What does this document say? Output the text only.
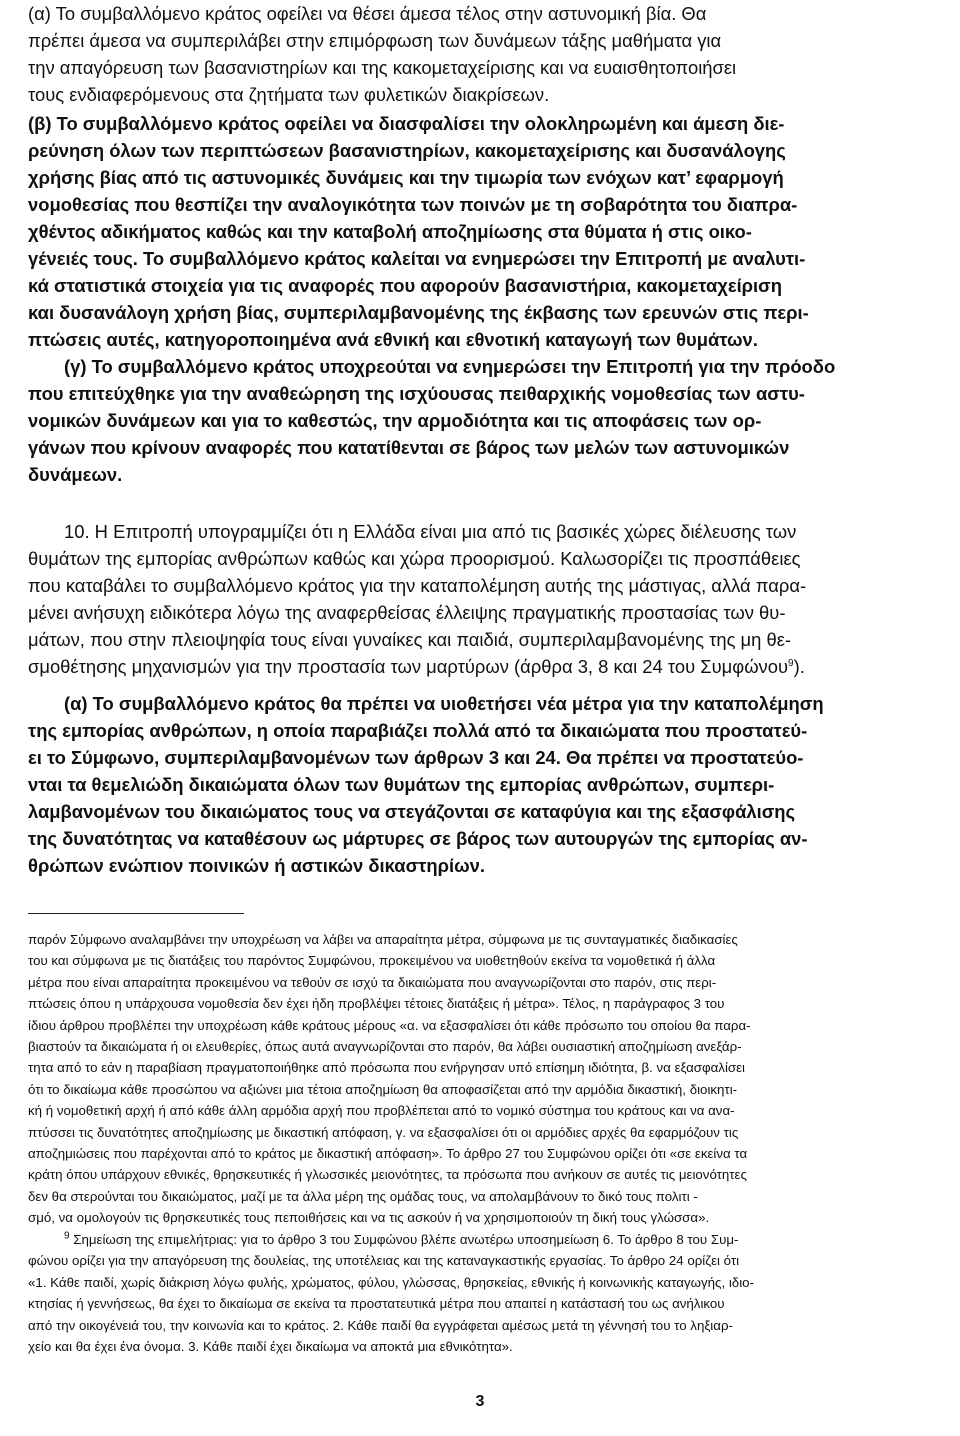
(α) Το συμβαλλόμενο κράτος οφείλει να θέσει άμεσα τέλος στην αστυνομική βία. Θα
πρέπει άμεσα να συμπεριλάβει στην επιμόρφωση των δυνάμεων τάξης μαθήματα για
την απαγόρευση των βασανιστηρίων και της κακομεταχείρισης και να ευαισθητοποιήσει
τους ενδιαφερόμενους στα ζητήματα των φυλετικών διακρίσεων.
(β) Το συμβαλλόμενο κράτος οφείλει να διασφαλίσει την ολοκληρωμένη και άμεση διε-
ρεύνηση όλων των περιπτώσεων βασανιστηρίων, κακομεταχείρισης και δυσανάλογης
χρήσης βίας από τις αστυνομικές δυνάμεις και την τιμωρία των ενόχων κατ’ εφαρμογή
νομοθεσίας που θεσπίζει την αναλογικότητα των ποινών με τη σοβαρότητα του διαπρα-
χθέντος αδικήματος καθώς και την καταβολή αποζημίωσης στα θύματα ή στις οικο-
γένειές τους. Το συμβαλλόμενο κράτος καλείται να ενημερώσει την Επιτροπή με αναλυτι-
κά στατιστικά στοιχεία για τις αναφορές που αφορούν βασανιστήρια, κακομεταχείριση
και δυσανάλογη χρήση βίας, συμπεριλαμβανομένης της έκβασης των ερευνών στις περι-
πτώσεις αυτές, κατηγοροποιημένα ανά εθνική και εθνοτική καταγωγή των θυμάτων.
(γ) Το συμβαλλόμενο κράτος υποχρεούται να ενημερώσει την Επιτροπή για την πρόοδο
που επιτεύχθηκε για την αναθεώρηση της ισχύουσας πειθαρχικής νομοθεσίας των αστυ-
νομικών δυνάμεων και για το καθεστώς, την αρμοδιότητα και τις αποφάσεις των ορ-
γάνων που κρίνουν αναφορές που κατατίθενται σε βάρος των μελών των αστυνομικών
δυνάμεων.
10. Η Επιτροπή υπογραμμίζει ότι η Ελλάδα είναι μια από τις βασικές χώρες διέλευσης των
θυμάτων της εμπορίας ανθρώπων καθώς και χώρα προορισμού. Καλωσορίζει τις προσπάθειες
που καταβάλει το συμβαλλόμενο κράτος για την καταπολέμηση αυτής της μάστιγας, αλλά παρα-
μένει ανήσυχη ειδικότερα λόγω της αναφερθείσας έλλειψης πραγματικής προστασίας των θυ-
μάτων, που στην πλειοψηφία τους είναι γυναίκες και παιδιά, συμπεριλαμβανομένης της μη θε-
σμοθέτησης μηχανισμών για την προστασία των μαρτύρων (άρθρα 3, 8 και 24 του Συμφώνου$^9$).
(α) Το συμβαλλόμενο κράτος θα πρέπει να υιοθετήσει νέα μέτρα για την καταπολέμηση
της εμπορίας ανθρώπων, η οποία παραβιάζει πολλά από τα δικαιώματα που προστατεύ-
ει το Σύμφωνο, συμπεριλαμβανομένων των άρθρων 3 και 24. Θα πρέπει να προστατεύο-
νται τα θεμελιώδη δικαιώματα όλων των θυμάτων της εμπορίας ανθρώπων, συμπερι-
λαμβανομένων του δικαιώματος τους να στεγάζονται σε καταφύγια και της εξασφάλισης
της δυνατότητας να καταθέσουν ως μάρτυρες σε βάρος των αυτουργών της εμπορίας αν-
θρώπων ενώπιον ποινικών ή αστικών δικαστηρίων.
παρόν Σύμφωνο αναλαμβάνει την υποχρέωση να λάβει να απαραίτητα μέτρα, σύμφωνα με τις συνταγματικές διαδικασίες
του και σύμφωνα με τις διατάξεις του παρόντος Συμφώνου, προκειμένου να υιοθετηθούν εκείνα τα νομοθετικά ή άλλα
μέτρα που είναι απαραίτητα προκειμένου να τεθούν σε ισχύ τα δικαιώματα που αναγνωρίζονται στο παρόν, στις περι-
πτώσεις όπου η υπάρχουσα νομοθεσία δεν έχει ήδη προβλέψει τέτοιες διατάξεις ή μέτρα». Τέλος, η παράγραφος 3 του
ίδιου άρθρου προβλέπει την υποχρέωση κάθε κράτους μέρους «α. να εξασφαλίσει ότι κάθε πρόσωπο του οποίου θα παρα-
βιαστούν τα δικαιώματα ή οι ελευθερίες, όπως αυτά αναγνωρίζονται στο παρόν, θα λάβει ουσιαστική αποζημίωση ανεξάρ-
τητα από το εάν η παραβίαση πραγματοποιήθηκε από πρόσωπα που ενήργησαν υπό επίσημη ιδιότητα, β. να εξασφαλίσει
ότι το δικαίωμα κάθε προσώπου να αξιώνει μια τέτοια αποζημίωση θα αποφασίζεται από την αρμόδια δικαστική, διοικητι-
κή ή νομοθετική αρχή ή από κάθε άλλη αρμόδια αρχή που προβλέπεται από το νομικό σύστημα του κράτους και να ανα-
πτύσσει τις δυνατότητες αποζημίωσης με δικαστική απόφαση, γ. να εξασφαλίσει ότι οι αρμόδιες αρχές θα εφαρμόζουν τις
αποζημιώσεις που παρέχονται από το κράτος με δικαστική απόφαση». Το άρθρο 27 του Συμφώνου ορίζει ότι «σε εκείνα τα
κράτη όπου υπάρχουν εθνικές, θρησκευτικές ή γλωσσικές μειονότητες, τα πρόσωπα που ανήκουν σε αυτές τις μειονότητες
δεν θα στερούνται του δικαιώματος, μαζί με τα άλλα μέρη της ομάδας τους, να απολαμβάνουν το δικό τους πολιτι -
σμό, να ομολογούν τις θρησκευτικές τους πεποιθήσεις και να τις ασκούν ή να χρησιμοποιούν τη δική τους γλώσσα».
$^9$ Σημείωση της επιμελήτριας: για το άρθρο 3 του Συμφώνου βλέπε ανωτέρω υποσημείωση 6. Το άρθρο 8 του Συμ-
φώνου ορίζει για την απαγόρευση της δουλείας, της υποτέλειας και της καταναγκαστικής εργασίας. Το άρθρο 24 ορίζει ότι
«1. Κάθε παιδί, χωρίς διάκριση λόγω φυλής, χρώματος, φύλου, γλώσσας, θρησκείας, εθνικής ή κοινωνικής καταγωγής, ιδιο-
κτησίας ή γεννήσεως, θα έχει το δικαίωμα σε εκείνα τα προστατευτικά μέτρα που απαιτεί η κατάστασή του ως ανήλικου
από την οικογένειά του, την κοινωνία και το κράτος. 2. Κάθε παιδί θα εγγράφεται αμέσως μετά τη γέννησή του το ληξιαρ-
χείο και θα έχει ένα όνομα. 3. Κάθε παιδί έχει δικαίωμα να αποκτά μια εθνικότητα».
3
